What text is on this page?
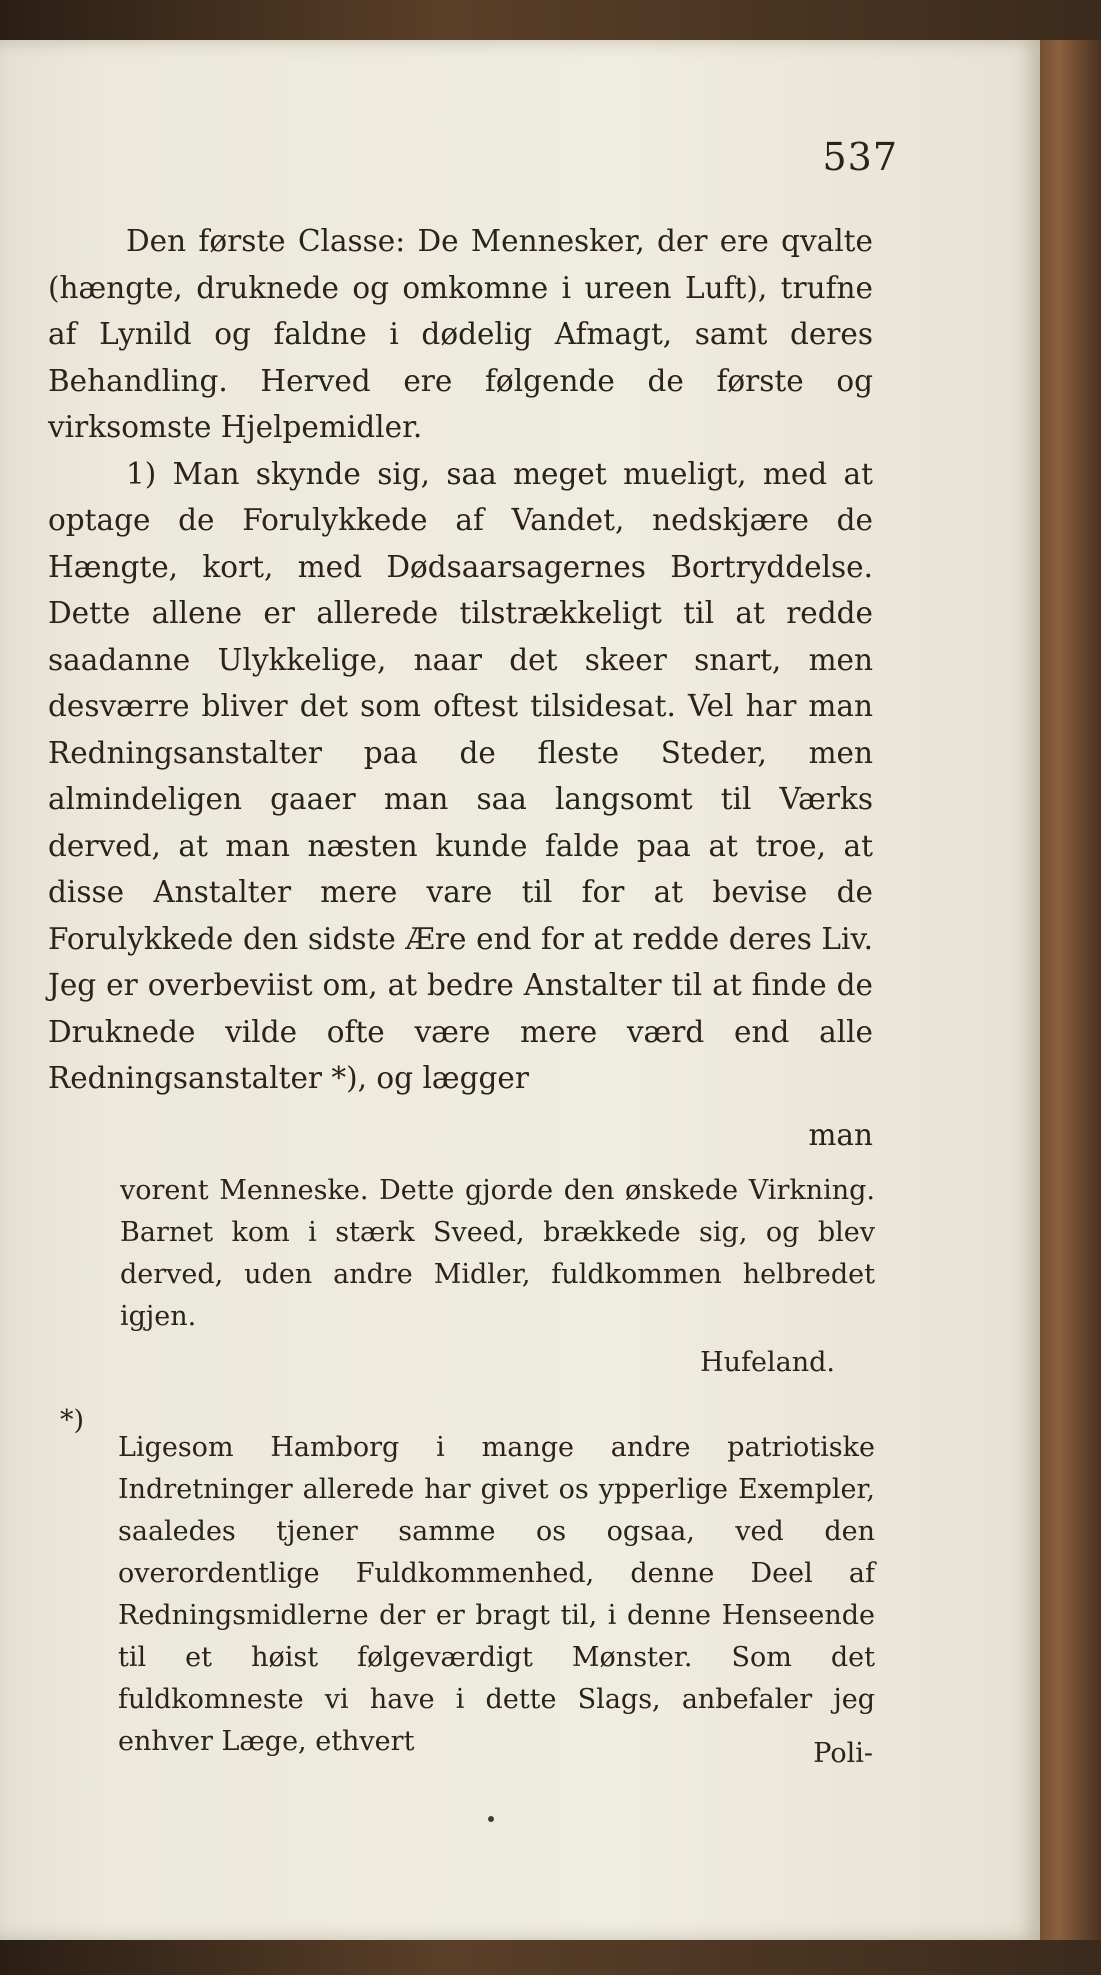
537

Den første Classe: De Mennesker, der ere qvalte (hængte, druknede og omkomne i ureen Luft), trufne af Lynild og faldne i dødelig Afmagt, samt deres Behandling. Herved ere følgende de første og virksomste Hjelpemidler.

1) Man skynde sig, saa meget mueligt, med at optage de Forulykkede af Vandet, nedskjære de Hængte, kort, med Dødsaarsagernes Bortryddelse. Dette allene er allerede tilstrækkeligt til at redde saadanne Ulykkelige, naar det skeer snart, men desværre bliver det som oftest tilsidesat. Vel har man Redningsanstalter paa de fleste Steder, men almindeligen gaaer man saa langsomt til Værks derved, at man næsten kunde falde paa at troe, at disse Anstalter mere vare til for at bevise de Forulykkede den sidste Ære end for at redde deres Liv. Jeg er overbeviist om, at bedre Anstalter til at finde de Druknede vilde ofte være mere værd end alle Redningsanstalter *), og lægger

man

vorent Menneske. Dette gjorde den ønskede Virkning. Barnet kom i stærk Sveed, brækkede sig, og blev derved, uden andre Midler, fuldkommen helbredet igjen.

Hufeland.

*)

Ligesom Hamborg i mange andre patriotiske Indretninger allerede har givet os ypperlige Exempler, saaledes tjener samme os ogsaa, ved den overordentlige Fuldkommenhed, denne Deel af Redningsmidlerne der er bragt til, i denne Henseende til et høist følgeværdigt Mønster. Som det fuldkomneste vi have i dette Slags, anbefaler jeg enhver Læge, ethvert	Poli-
